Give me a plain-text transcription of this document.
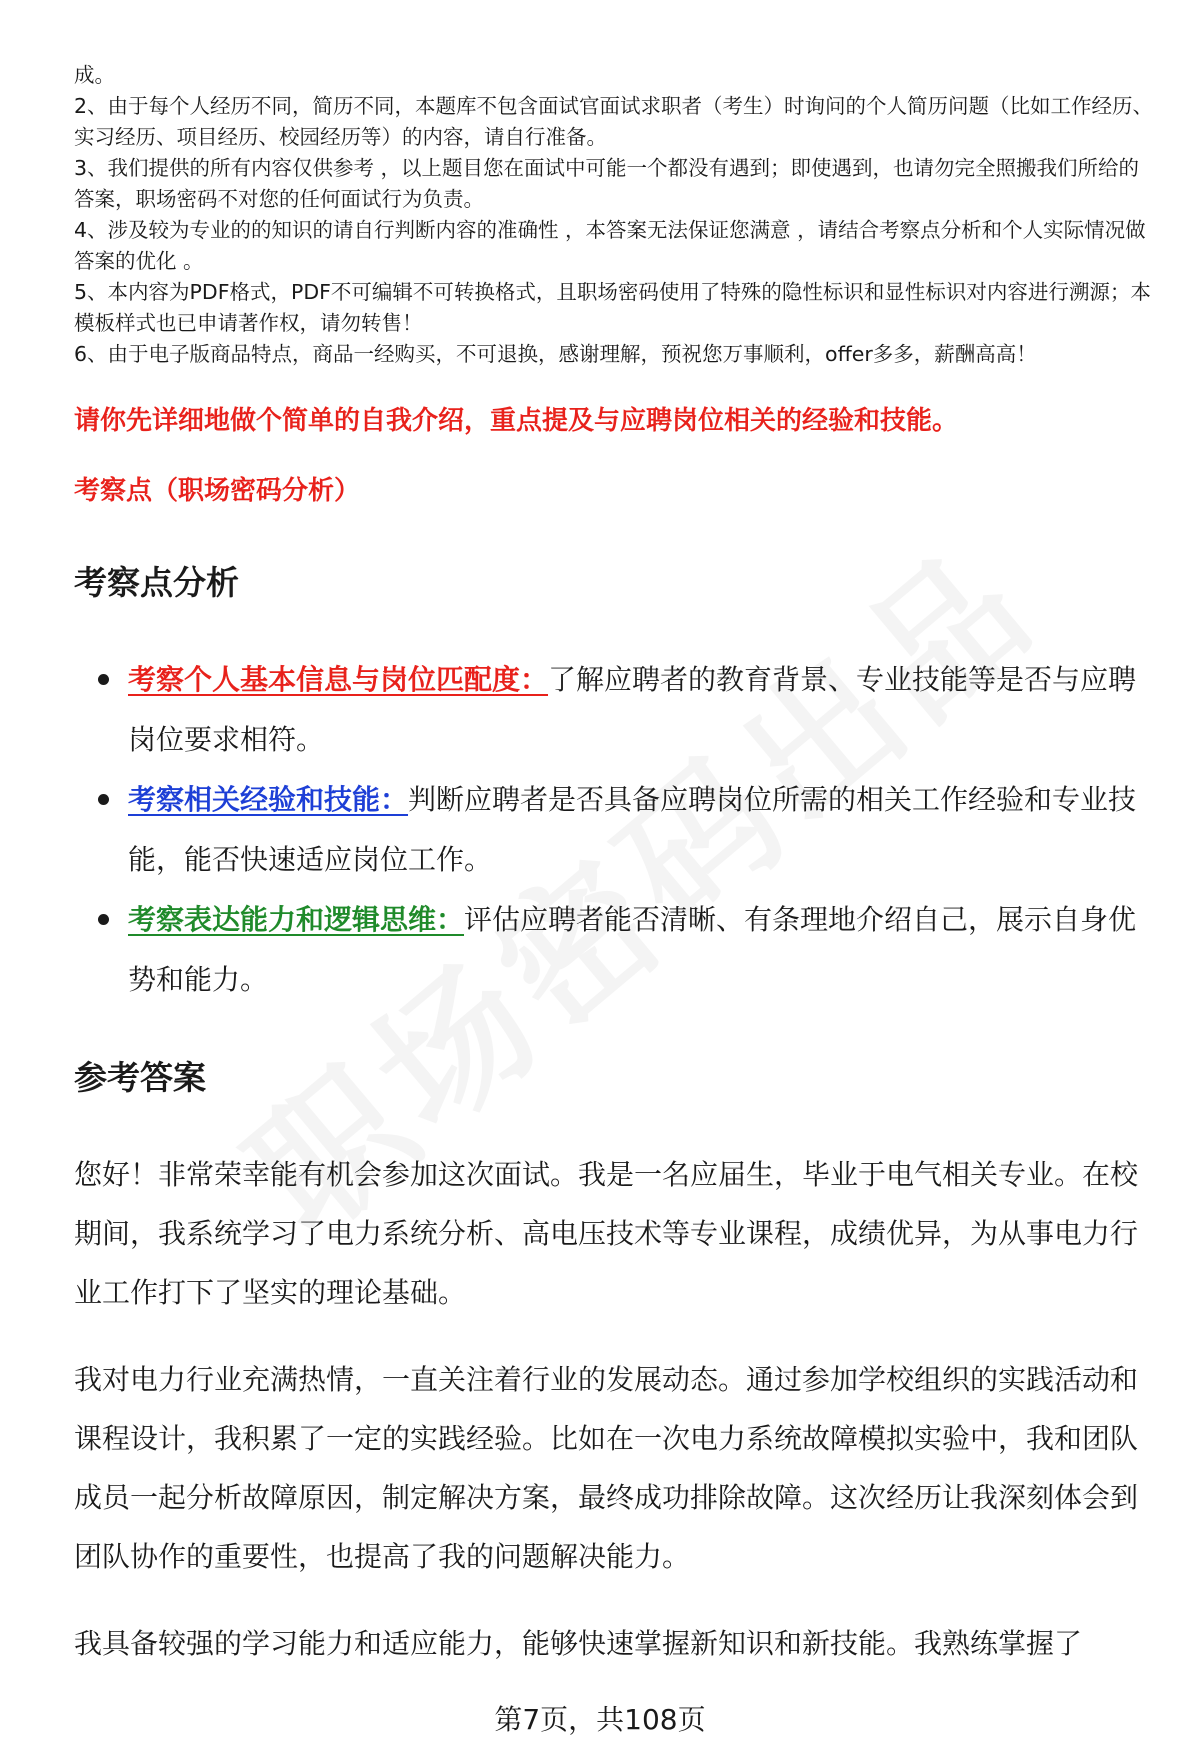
成。

2、由于每个人经历不同，简历不同，本题库不包含面试官面试求职者（考生）时询问的个人简历问题（比如工作经历、实习经历、项目经历、校园经历等）的内容，请自行准备。

3、我们提供的所有内容仅供参考 ，以上题目您在面试中可能一个都没有遇到；即使遇到，也请勿完全照搬我们所给的答案，职场密码不对您的任何面试行为负责。

4、涉及较为专业的的知识的请自行判断内容的准确性 ，本答案无法保证您满意 ，请结合考察点分析和个人实际情况做答案的优化 。

5、本内容为PDF格式，PDF不可编辑不可转换格式，且职场密码使用了特殊的隐性标识和显性标识对内容进行溯源；本模板样式也已申请著作权，请勿转售！

6、由于电子版商品特点，商品一经购买，不可退换，感谢理解，预祝您万事顺利，offer多多，薪酬高高！

请你先详细地做个简单的自我介绍，重点提及与应聘岗位相关的经验和技能。

考察点（职场密码分析）

考察点分析
考察个人基本信息与岗位匹配度：了解应聘者的教育背景、专业技能等是否与应聘岗位要求相符。
考察相关经验和技能：判断应聘者是否具备应聘岗位所需的相关工作经验和专业技能，能否快速适应岗位工作。
考察表达能力和逻辑思维：评估应聘者能否清晰、有条理地介绍自己，展示自身优势和能力。
参考答案

您好！非常荣幸能有机会参加这次面试。我是一名应届生，毕业于电气相关专业。在校期间，我系统学习了电力系统分析、高电压技术等专业课程，成绩优异，为从事电力行业工作打下了坚实的理论基础。

我对电力行业充满热情，一直关注着行业的发展动态。通过参加学校组织的实践活动和课程设计，我积累了一定的实践经验。比如在一次电力系统故障模拟实验中，我和团队成员一起分析故障原因，制定解决方案，最终成功排除故障。这次经历让我深刻体会到团队协作的重要性，也提高了我的问题解决能力。

我具备较强的学习能力和适应能力，能够快速掌握新知识和新技能。我熟练掌握了

第7页，共108页
